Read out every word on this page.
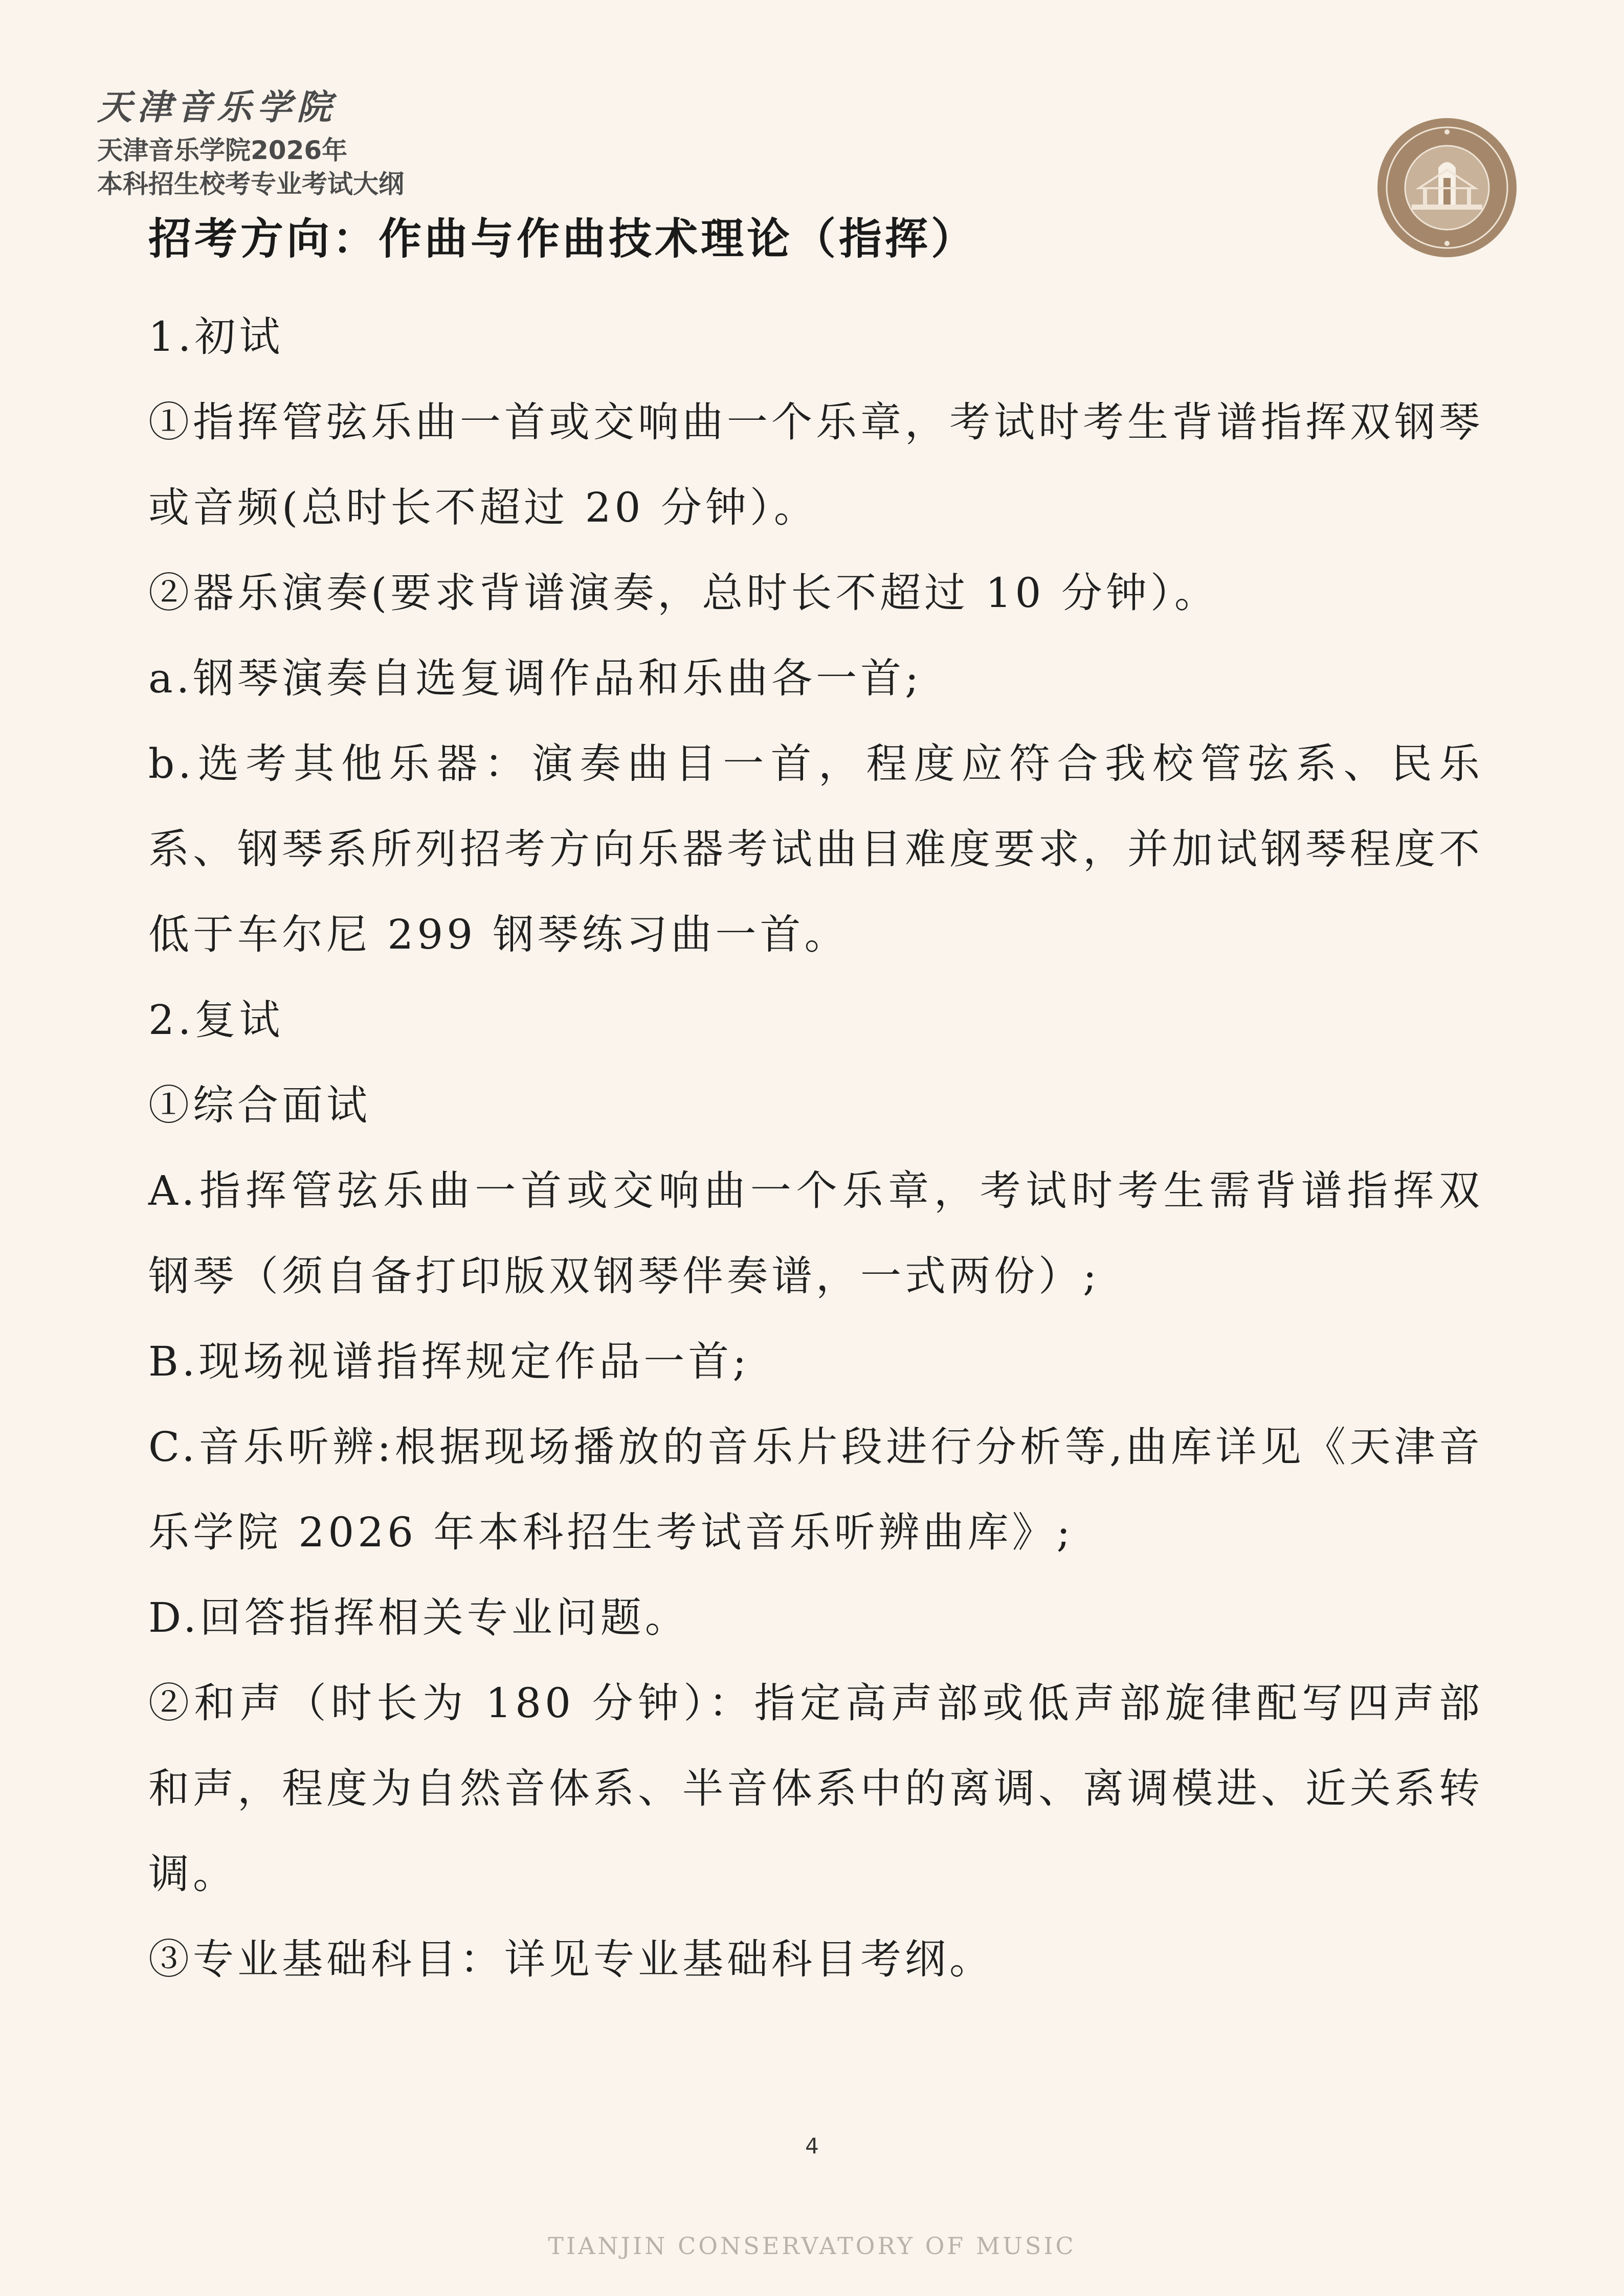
天津音乐学院
天津音乐学院2026年
本科招生校考专业考试大纲
招考方向：作曲与作曲技术理论（指挥）

1.初试

①指挥管弦乐曲一首或交响曲一个乐章，考试时考生背谱指挥双钢琴或音频(总时长不超过 20 分钟）。

②器乐演奏(要求背谱演奏，总时长不超过 10 分钟）。

a.钢琴演奏自选复调作品和乐曲各一首;

b.选考其他乐器：演奏曲目一首，程度应符合我校管弦系、民乐系、钢琴系所列招考方向乐器考试曲目难度要求，并加试钢琴程度不低于车尔尼 299 钢琴练习曲一首。

2.复试

①综合面试

A.指挥管弦乐曲一首或交响曲一个乐章，考试时考生需背谱指挥双钢琴（须自备打印版双钢琴伴奏谱，一式两份）;

B.现场视谱指挥规定作品一首;

C.音乐听辨:根据现场播放的音乐片段进行分析等,曲库详见《天津音乐学院 2026 年本科招生考试音乐听辨曲库》;

D.回答指挥相关专业问题。

②和声（时长为 180 分钟）：指定高声部或低声部旋律配写四声部和声，程度为自然音体系、半音体系中的离调、离调模进、近关系转调。

③专业基础科目：详见专业基础科目考纲。

4
TIANJIN CONSERVATORY OF MUSIC
